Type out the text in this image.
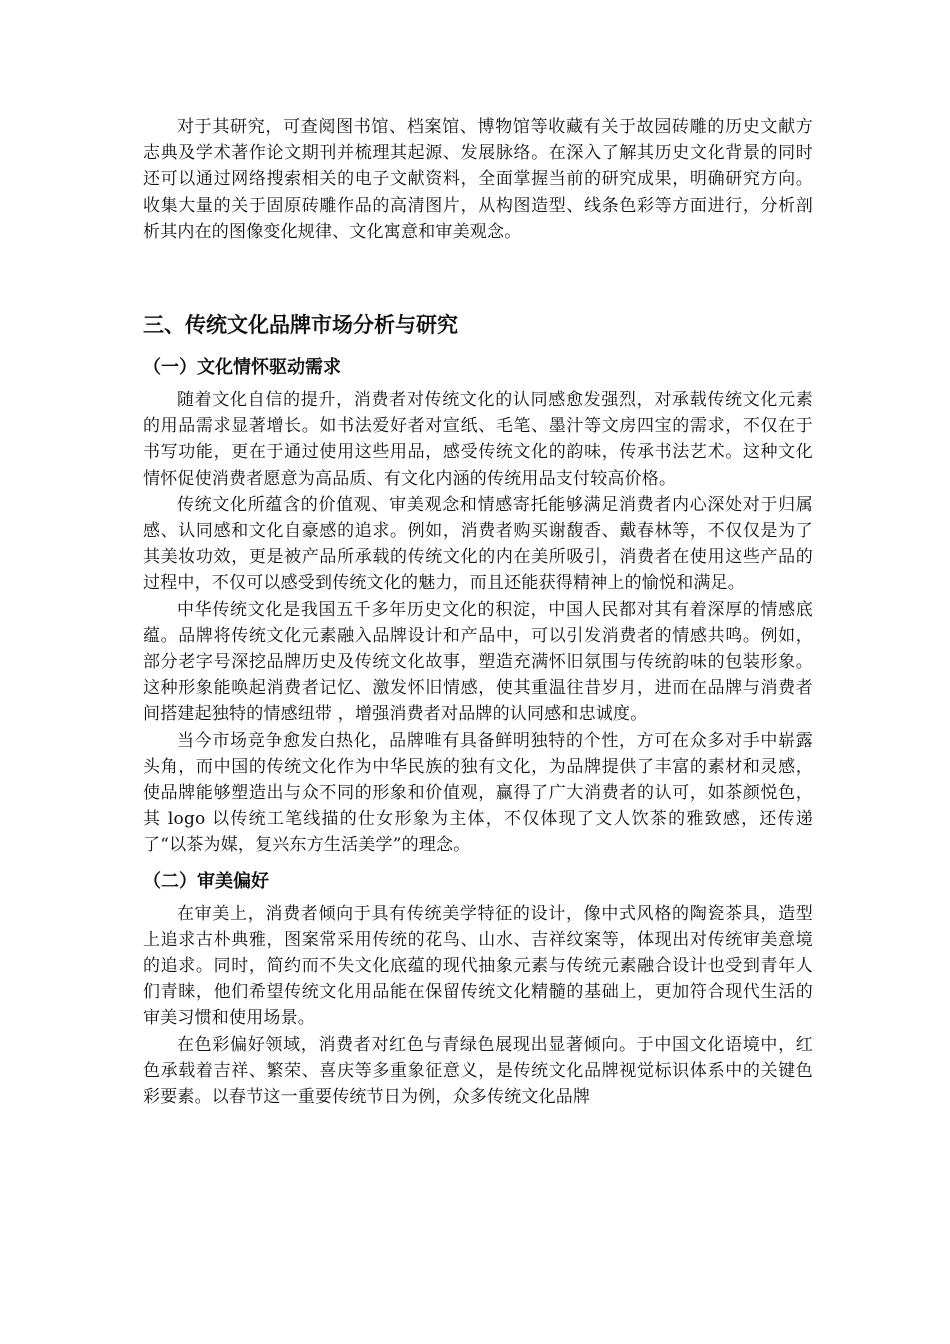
对于其研究，可查阅图书馆、档案馆、博物馆等收藏有关于故园砖雕的历史文献方志典及学术著作论文期刊并梳理其起源、发展脉络。在深入了解其历史文化背景的同时还可以通过网络搜索相关的电子文献资料，全面掌握当前的研究成果，明确研究方向。收集大量的关于固原砖雕作品的高清图片，从构图造型、线条色彩等方面进行，分析剖析其内在的图像变化规律、文化寓意和审美观念。

三、传统文化品牌市场分析与研究
（一）文化情怀驱动需求

随着文化自信的提升，消费者对传统文化的认同感愈发强烈，对承载传统文化元素的用品需求显著增长。如书法爱好者对宣纸、毛笔、墨汁等文房四宝的需求，不仅在于书写功能，更在于通过使用这些用品，感受传统文化的韵味，传承书法艺术。这种文化情怀促使消费者愿意为高品质、有文化内涵的传统用品支付较高价格。

传统文化所蕴含的价值观、审美观念和情感寄托能够满足消费者内心深处对于归属感、认同感和文化自豪感的追求。例如，消费者购买谢馥香、戴春林等，不仅仅是为了其美妆功效，更是被产品所承载的传统文化的内在美所吸引，消费者在使用这些产品的过程中，不仅可以感受到传统文化的魅力，而且还能获得精神上的愉悦和满足。

中华传统文化是我国五千多年历史文化的积淀，中国人民都对其有着深厚的情感底蕴。品牌将传统文化元素融入品牌设计和产品中，可以引发消费者的情感共鸣。例如，部分老字号深挖品牌历史及传统文化故事，塑造充满怀旧氛围与传统韵味的包装形象。这种形象能唤起消费者记忆、激发怀旧情感，使其重温往昔岁月，进而在品牌与消费者间搭建起独特的情感纽带 ，增强消费者对品牌的认同感和忠诚度。

当今市场竞争愈发白热化，品牌唯有具备鲜明独特的个性，方可在众多对手中崭露头角，而中国的传统文化作为中华民族的独有文化，为品牌提供了丰富的素材和灵感，使品牌能够塑造出与众不同的形象和价值观，赢得了广大消费者的认可，如茶颜悦色，其 logo 以传统工笔线描的仕女形象为主体，不仅体现了文人饮茶的雅致感，还传递了“以茶为媒，复兴东方生活美学”的理念。

（二）审美偏好

在审美上，消费者倾向于具有传统美学特征的设计，像中式风格的陶瓷茶具，造型上追求古朴典雅，图案常采用传统的花鸟、山水、吉祥纹案等，体现出对传统审美意境的追求。同时，简约而不失文化底蕴的现代抽象元素与传统元素融合设计也受到青年人们青睐，他们希望传统文化用品能在保留传统文化精髓的基础上，更加符合现代生活的审美习惯和使用场景。

在色彩偏好领域，消费者对红色与青绿色展现出显著倾向。于中国文化语境中，红色承载着吉祥、繁荣、喜庆等多重象征意义，是传统文化品牌视觉标识体系中的关键色彩要素。以春节这一重要传统节日为例，众多传统文化品牌
